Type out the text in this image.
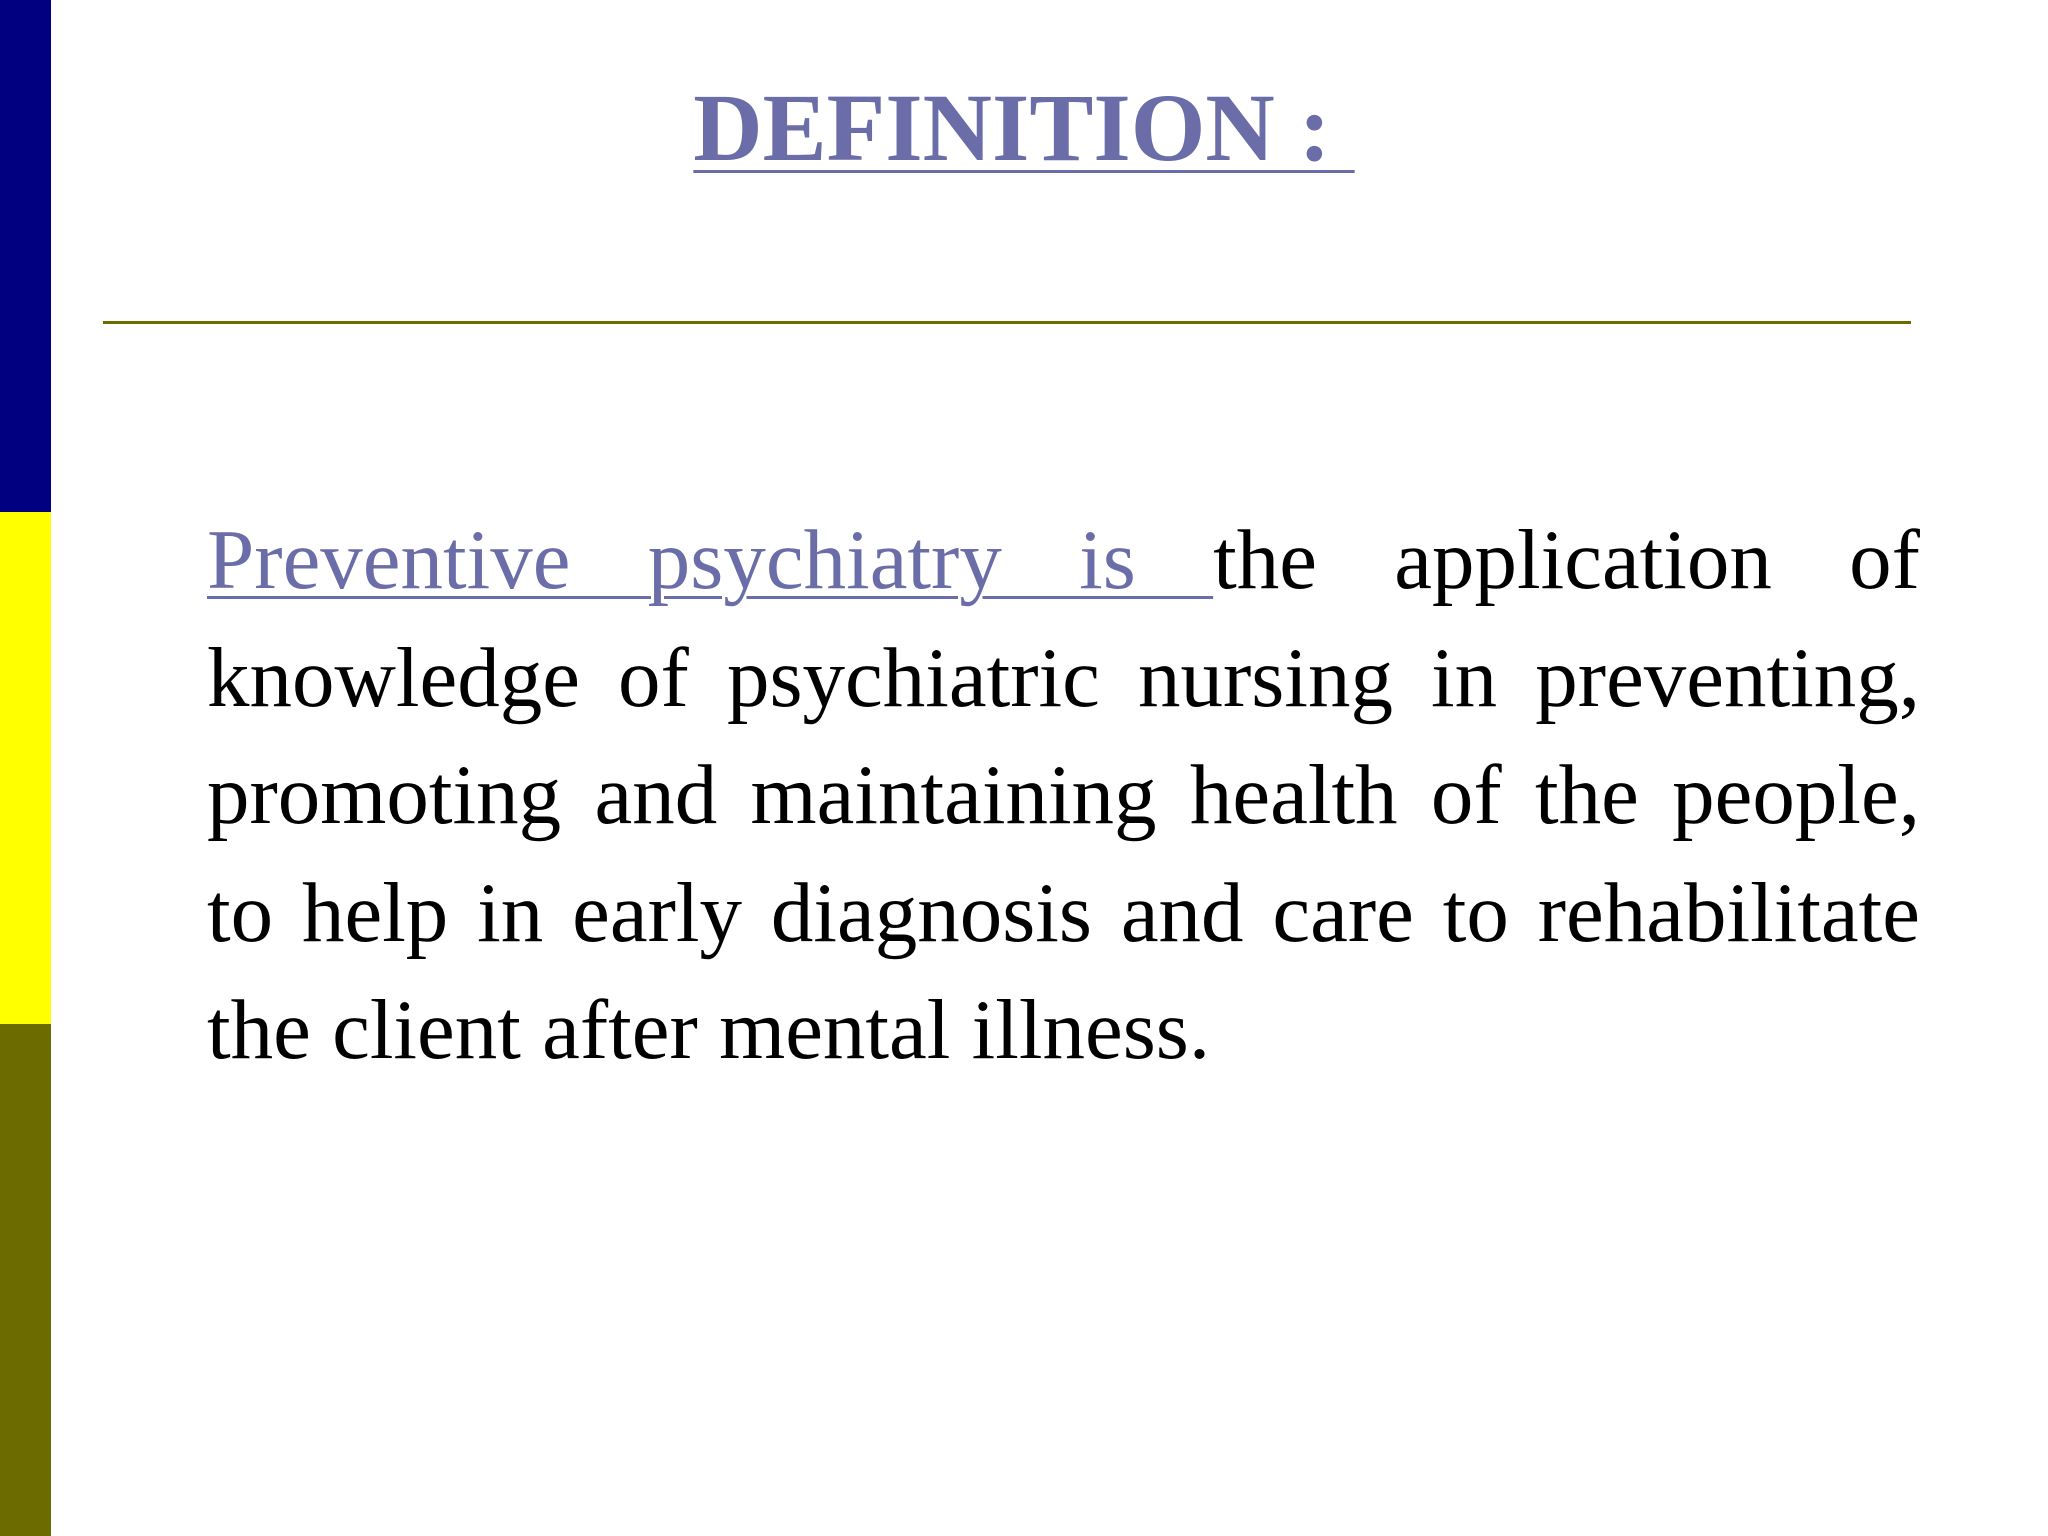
DEFINITION :

Preventive psychiatry is the application of knowledge of psychiatric nursing in preventing, promoting and maintaining health of the people, to help in early diagnosis and care to rehabilitate the client after mental illness.
